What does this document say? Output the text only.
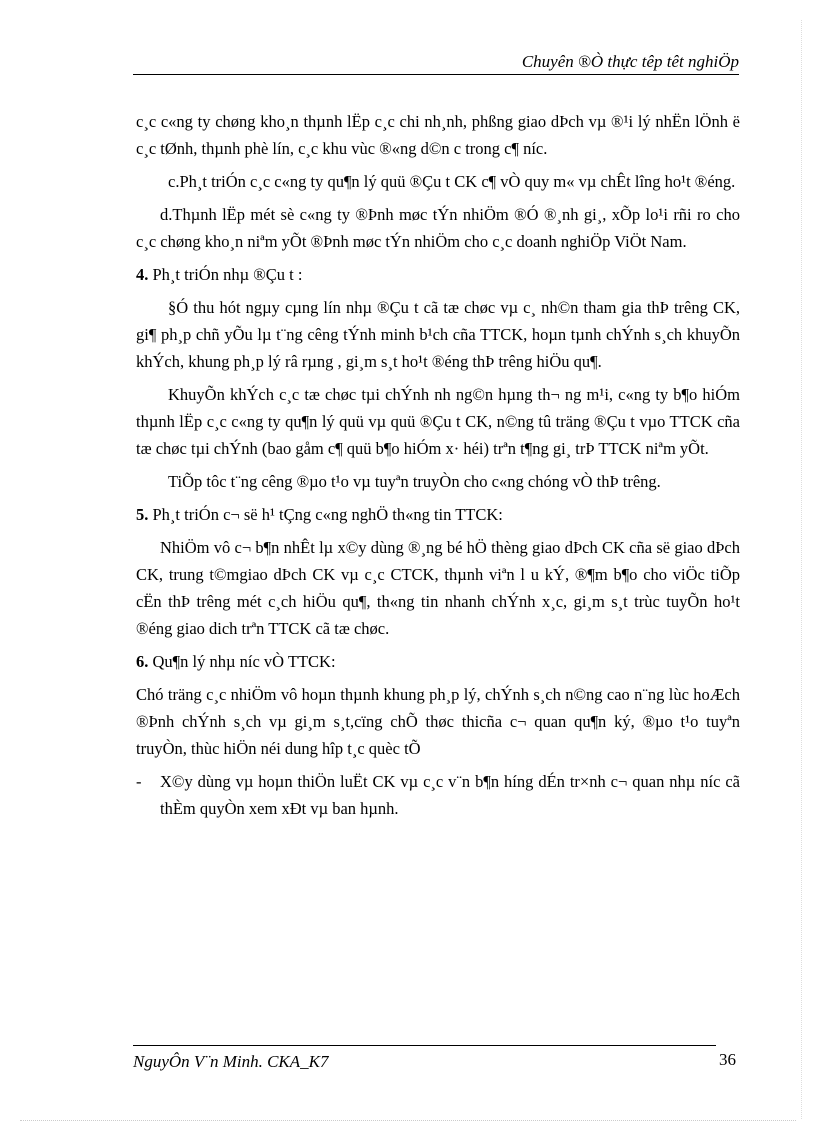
Chuyên ®Ò thực têp têt nghiÖp

c¸c c«ng ty chøng kho¸n thµnh lËp c¸c chi nh¸nh, phßng giao dÞch vµ ®¹i lý nhËn lÖnh ë c¸c tØnh, thµnh phè lín, c¸c khu vùc ®«ng d©n c trong c¶ níc.

c.Ph¸t triÓn c¸c c«ng ty qu¶n lý quü ®Çu t CK c¶ vÒ quy m« vµ chÊt lîng ho¹t ®éng.

d.Thµnh lËp mét sè c«ng ty ®Þnh møc tÝn nhiÖm ®Ó ®¸nh gi¸, xÕp lo¹i rñi ro cho c¸c chøng kho¸n niªm yÕt ®Þnh møc tÝn nhiÖm cho c¸c doanh nghiÖp ViÖt Nam.

4. Ph¸t triÓn nhµ ®Çu t :

§Ó thu hót ngµy cµng lín nhµ ®Çu t cã tæ chøc vµ c¸ nh©n tham gia thÞ trêng CK, gi¶ ph¸p chñ yÕu lµ t¨ng cêng tÝnh minh b¹ch cña TTCK, hoµn tµnh chÝnh s¸ch khuyÕn khÝch, khung ph¸p lý râ rµng , gi¸m s¸t ho¹t ®éng thÞ trêng hiÖu qu¶.

KhuyÕn khÝch c¸c tæ chøc tµi chÝnh nh ng©n hµng th¬ ng m¹i, c«ng ty b¶o hiÓm thµnh lËp c¸c c«ng ty qu¶n lý quü vµ quü ®Çu t CK, n©ng tû träng ®Çu t vµo TTCK cña tæ chøc tµi chÝnh (bao gåm c¶ quü b¶o hiÓm x· héi) trªn t¶ng gi¸ trÞ TTCK niªm yÕt.

TiÕp tôc t¨ng cêng ®µo t¹o vµ tuyªn truyÒn cho c«ng chóng vÒ thÞ trêng.

5. Ph¸t triÓn c¬ së h¹ tÇng c«ng nghÖ th«ng tin TTCK:

NhiÖm vô c¬ b¶n nhÊt lµ x©y dùng ®¸ng bé hÖ thèng giao dÞch CK cña së giao dÞch CK, trung t©mgiao dÞch CK vµ c¸c CTCK, thµnh viªn l u kÝ, ®¶m b¶o cho viÖc tiÕp cËn thÞ trêng mét c¸ch hiÖu qu¶, th«ng tin nhanh chÝnh x¸c, gi¸m s¸t trùc tuyÕn ho¹t ®éng giao dich trªn TTCK cã tæ chøc.

6. Qu¶n lý nhµ níc vÒ TTCK:

Chó träng c¸c nhiÖm vô hoµn thµnh khung ph¸p lý, chÝnh s¸ch n©ng cao n¨ng lùc hoÆch ®Þnh chÝnh s¸ch vµ gi¸m s¸t,cïng chÕ thøc thicña c¬ quan qu¶n ký, ®µo t¹o tuyªn truyÒn, thùc hiÖn néi dung hîp t¸c quèc tÕ

-	X©y dùng vµ hoµn thiÖn luËt CK vµ c¸c v¨n b¶n híng dÉn tr×nh c¬ quan nhµ níc cã thÈm quyÒn xem xÐt vµ ban hµnh.
NguyÔn V¨n Minh. CKA_K7	36
